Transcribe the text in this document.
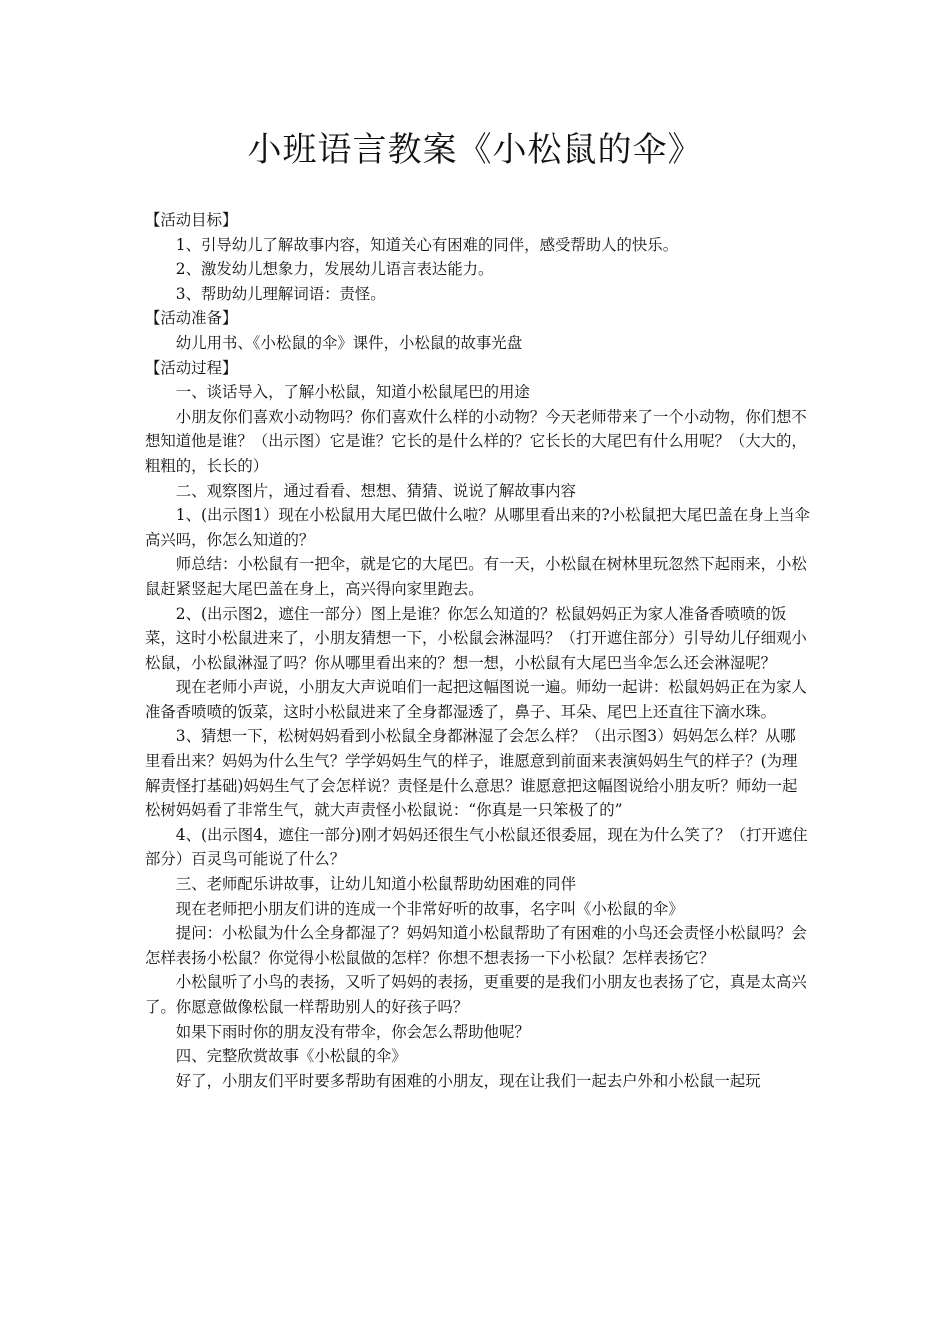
小班语言教案《小松鼠的伞》

【活动目标】

1、引导幼儿了解故事内容，知道关心有困难的同伴，感受帮助人的快乐。

2、激发幼儿想象力，发展幼儿语言表达能力。

3、帮助幼儿理解词语：责怪。

【活动准备】

幼儿用书、《小松鼠的伞》课件，小松鼠的故事光盘

【活动过程】

一、谈话导入，了解小松鼠，知道小松鼠尾巴的用途

小朋友你们喜欢小动物吗？你们喜欢什么样的小动物？今天老师带来了一个小动物，你们想不想知道他是谁？（出示图）它是谁？它长的是什么样的？它长长的大尾巴有什么用呢？（大大的，粗粗的，长长的）

二、观察图片，通过看看、想想、猜猜、说说了解故事内容

1、(出示图1）现在小松鼠用大尾巴做什么啦？从哪里看出来的?小松鼠把大尾巴盖在身上当伞高兴吗，你怎么知道的？

师总结：小松鼠有一把伞，就是它的大尾巴。有一天，小松鼠在树林里玩忽然下起雨来，小松鼠赶紧竖起大尾巴盖在身上，高兴得向家里跑去。

2、(出示图2，遮住一部分）图上是谁？你怎么知道的？松鼠妈妈正为家人准备香喷喷的饭菜，这时小松鼠进来了，小朋友猜想一下，小松鼠会淋湿吗？（打开遮住部分）引导幼儿仔细观小松鼠，小松鼠淋湿了吗？你从哪里看出来的？想一想，小松鼠有大尾巴当伞怎么还会淋湿呢？

现在老师小声说，小朋友大声说咱们一起把这幅图说一遍。师幼一起讲：松鼠妈妈正在为家人准备香喷喷的饭菜，这时小松鼠进来了全身都湿透了，鼻子、耳朵、尾巴上还直往下滴水珠。

3、猜想一下，松树妈妈看到小松鼠全身都淋湿了会怎么样？（出示图3）妈妈怎么样？从哪里看出来？妈妈为什么生气？学学妈妈生气的样子，谁愿意到前面来表演妈妈生气的样子？(为理解责怪打基础)妈妈生气了会怎样说？责怪是什么意思？谁愿意把这幅图说给小朋友听？师幼一起松树妈妈看了非常生气，就大声责怪小松鼠说：“你真是一只笨极了的”

4、(出示图4，遮住一部分)刚才妈妈还很生气小松鼠还很委屈，现在为什么笑了？（打开遮住部分）百灵鸟可能说了什么？

三、老师配乐讲故事，让幼儿知道小松鼠帮助幼困难的同伴

现在老师把小朋友们讲的连成一个非常好听的故事，名字叫《小松鼠的伞》

提问：小松鼠为什么全身都湿了？妈妈知道小松鼠帮助了有困难的小鸟还会责怪小松鼠吗？会怎样表扬小松鼠？你觉得小松鼠做的怎样？你想不想表扬一下小松鼠？怎样表扬它？

小松鼠听了小鸟的表扬，又听了妈妈的表扬，更重要的是我们小朋友也表扬了它，真是太高兴了。你愿意做像松鼠一样帮助别人的好孩子吗？

如果下雨时你的朋友没有带伞，你会怎么帮助他呢？

四、完整欣赏故事《小松鼠的伞》

好了，小朋友们平时要多帮助有困难的小朋友，现在让我们一起去户外和小松鼠一起玩
